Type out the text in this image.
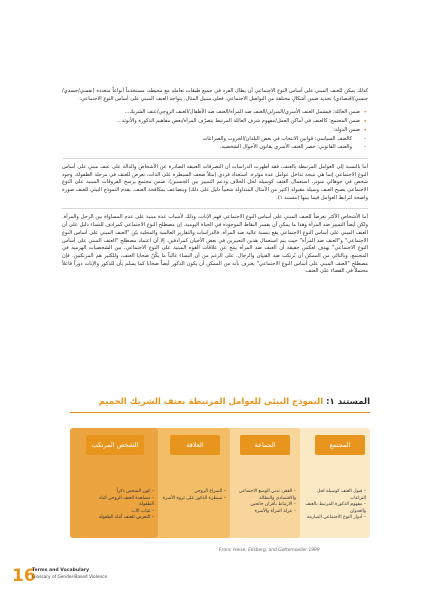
كذلك يمكن للعنف المبني على أساس النوع الاجتماعي أن يطال الفرد في جميع طبقات تعاملهِ مع محيطه، مستخدماً أنواعاً متعددة (نفسي/جسدي/جنسي/اقتصادي) تحديد ضمن أشكالٍ مختلفة من التواصل الاجتماعي، فعلى سبيل المثال، يتواجد العنف المبني على أساس النوع الاجتماعي:

• ضمن العائلة: فيشمل العنف الأسري/المنزلي/العنف ضد المرأة/العنف ضد الأطفال/العنف الزوجي/عنف الشريك...
• ضمن المجتمع: كالعنف في أماكن العمل/مفهوم شرف العائلة المرتبط بتصرّف المرأة/بعض مفاهيم الذكورة والأنوثة...
• ضمن الدولة:
- كالعنف السياسي: قوانين الانتخاب في بعض البلدان/الحروب والصراعات
- والعنف القانوني: حصر العنف الأسري بقانون الأحوال الشخصية.

أما بالنسبة إلى العوامل المرتبطة بالعنف، فقد أظهرت الدراسات أن التصرفات العنيفة الصادرة عن الأشخاص والدالة على عنف مبني على أساس النوع الاجتماعي إنما هي نتيجة تداخل عوامل عدة مؤثرة. استعداد فردي (مثلاً ضعف السيطرة على الذات، تعرض للعنف في مرحلة الطفولة، وجود شخص في جوهالي متوتر، استعمال العنف كوسيلة لحل الخلاف ودعم التمييز بين الجنسين). ضمن مجتمع يرسخ الفروقات المبنية على النوع الاجتماعي يصبح العنف وسيلة مقبولة (كثير من الأمثال المتداولة شعبياً دليل على ذلك) ويتضاعف بمكافحة العنف. يقدم النموذج البيئي للعنف صورة واضحة لترابط العوامل فيما بينها (مستند ١).

أما الأشخاص الأكثر تعرضاً للعنف المبني على أساس النوع الاجتماعي فهم الإناث، وذلك لأسباب عدة مبنية على عدم المساواة بين الرجل والمرأة. ولكن أيضاً التمييز ضد المرأة وهذا ما يمكن أن يفسر النقاط الموجودة في الحياة اليومية. إن مصطلح النوع الاجتماعي كمرادف للنساء دليل على أن العنف المبني على أساس النوع الاجتماعي يقع بنسبة عالية ضد المرأة. فالدراسات والتقارير العالمية والمحلية بيّن "العنف المبني على أساس النوع الاجتماعي" و"العنف ضد المرأة" حيث يتم استعمال هذين التعبيرين في بعض الأحيان كمرادفين. إلا أن اعتماد مصطلح "العنف المبني على أساس النوع الاجتماعي" يهدف لعكس حقيقة أن العنف ضد المرأة ينتج عن علاقات القوة المبنية على النوع الاجتماعي، بين الشخصيات الهرمية في المجتمع، وبالتالي من الممكن أن يُرتكب ضد الفتيان والرجال. على الرغم من أن النساء غالباً ما يكُنّ ضحايا العنف، وللكثير هم المرتكبين. فإن مصطلح "العنف المبني على أساس النوع الاجتماعي" يعترف بأنه من الممكن أن يكون الذكور أيضاً ضحايا كما يسلم بأن للذكور والإناث دوراً فاعلاً محتملاً في القضاء على العنف.

المستند ١: النموذج البيئي للعوامل المرتبطة بعنف الشريك الحميم
المجتمع
الجماعة
العلاقة
الشخص المرتكب
– قبول العنف كوسيلة لحل النزاعات
– مفهوم الذكورة المرتبط بالعنف والعدوان
– أدوار النوع الاجتماعي الصارمة
– الفقر، تدني الوضع الاجتماعي والاقتصادي والبطالة
– الارتباط بأقران جانحين
– عزلة المرأة والأسرة
– الصراع الزوجي
– سيطرة الذكور على ثروة الأسرة
– كون الشخص ذكراً
– مشاهدة العنف الزوجي أثناء الطفولة
– غياب الأب
– التعرض للعنف أثناء الطفولة
From: Heise, Ellsberg, and Gottemoeller 1999
16
Terms and Vocabulary
Glossary of Gender-Based Violence
